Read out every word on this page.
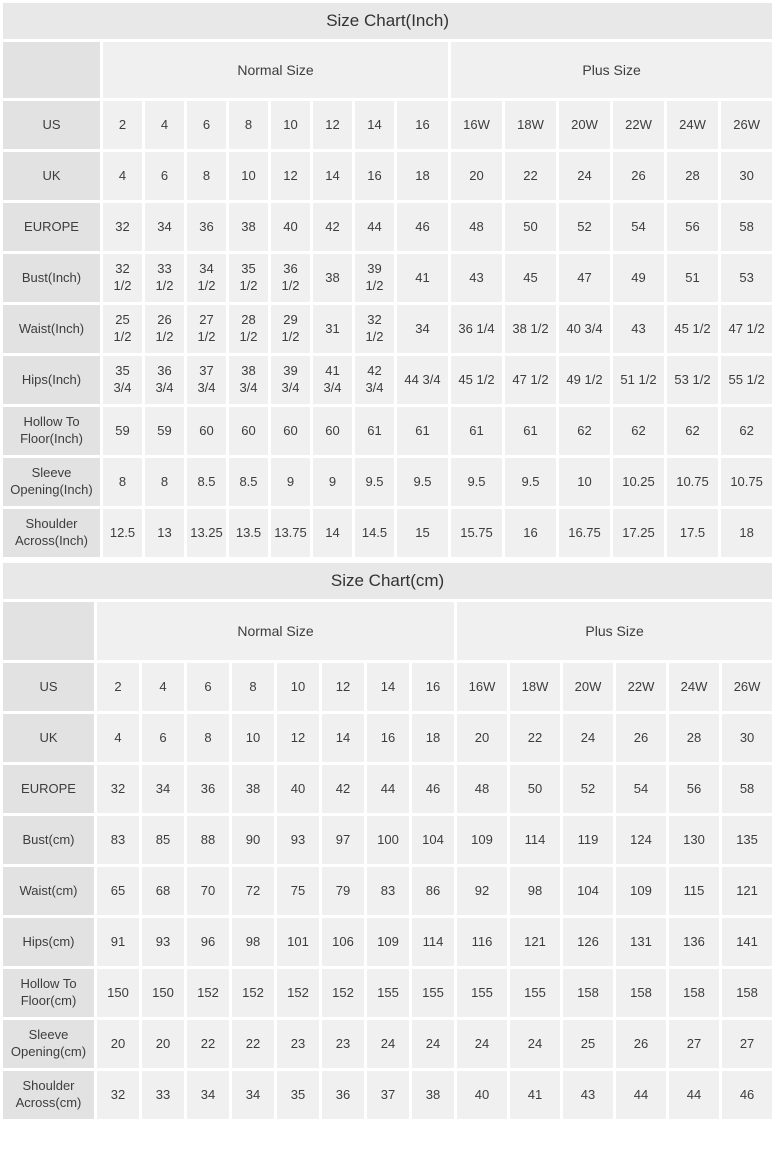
Size Chart(Inch)														
	Normal Size								Plus Size					
US	2	4	6	8	10	12	14	16	16W	18W	20W	22W	24W	26W
UK	4	6	8	10	12	14	16	18	20	22	24	26	28	30
EUROPE	32	34	36	38	40	42	44	46	48	50	52	54	56	58
Bust(Inch)	32 1/2	33 1/2	34 1/2	35 1/2	36 1/2	38	39 1/2	41	43	45	47	49	51	53
Waist(Inch)	25 1/2	26 1/2	27 1/2	28 1/2	29 1/2	31	32 1/2	34	36 1/4	38 1/2	40 3/4	43	45 1/2	47 1/2
Hips(Inch)	35 3/4	36 3/4	37 3/4	38 3/4	39 3/4	41 3/4	42 3/4	44 3/4	45 1/2	47 1/2	49 1/2	51 1/2	53 1/2	55 1/2
Hollow To Floor(Inch)	59	59	60	60	60	60	61	61	61	61	62	62	62	62
Sleeve Opening(Inch)	8	8	8.5	8.5	9	9	9.5	9.5	9.5	9.5	10	10.25	10.75	10.75
Shoulder Across(Inch)	12.5	13	13.25	13.5	13.75	14	14.5	15	15.75	16	16.75	17.25	17.5	18
Size Chart(cm)														
	Normal Size								Plus Size					
US	2	4	6	8	10	12	14	16	16W	18W	20W	22W	24W	26W
UK	4	6	8	10	12	14	16	18	20	22	24	26	28	30
EUROPE	32	34	36	38	40	42	44	46	48	50	52	54	56	58
Bust(cm)	83	85	88	90	93	97	100	104	109	114	119	124	130	135
Waist(cm)	65	68	70	72	75	79	83	86	92	98	104	109	115	121
Hips(cm)	91	93	96	98	101	106	109	114	116	121	126	131	136	141
Hollow To Floor(cm)	150	150	152	152	152	152	155	155	155	155	158	158	158	158
Sleeve Opening(cm)	20	20	22	22	23	23	24	24	24	24	25	26	27	27
Shoulder Across(cm)	32	33	34	34	35	36	37	38	40	41	43	44	44	46
